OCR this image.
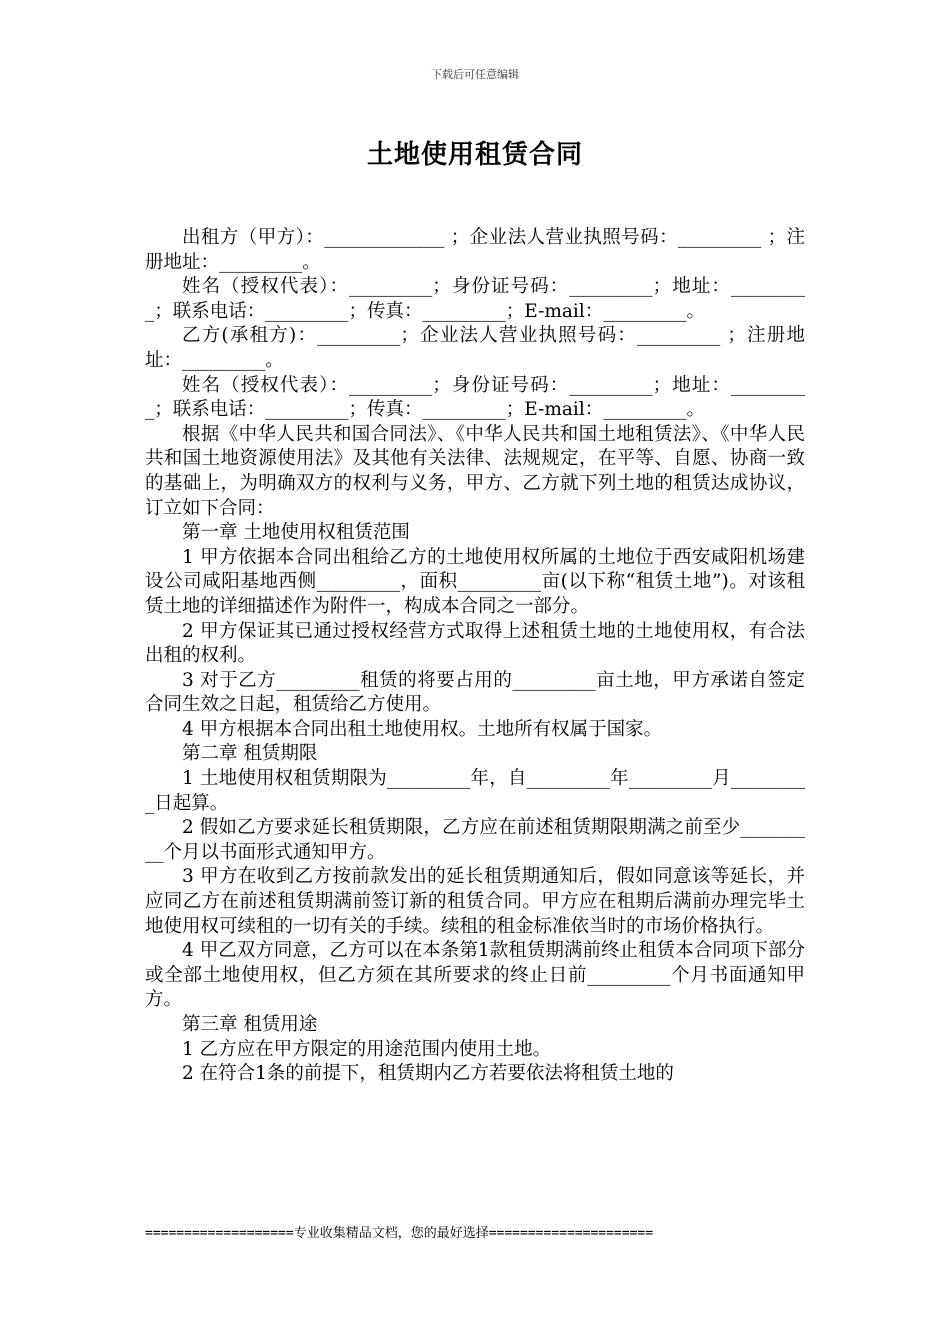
下载后可任意编辑
土地使用租赁合同

出租方（甲方）：_____________ ；企业法人营业执照号码：_________ ；注册地址：_________。

姓名（授权代表）：_________；身份证号码：_________；地址：_________；联系电话：_________；传真：_________；E-mail：_________。

乙方(承租方)：_________；企业法人营业执照号码：_________ ；注册地址：_________。

姓名（授权代表）：_________；身份证号码：_________；地址：_________；联系电话：_________；传真：_________；E-mail：_________。

根据《中华人民共和国合同法》、《中华人民共和国土地租赁法》、《中华人民共和国土地资源使用法》及其他有关法律、法规规定，在平等、自愿、协商一致的基础上，为明确双方的权利与义务，甲方、乙方就下列土地的租赁达成协议，订立如下合同：

第一章 土地使用权租赁范围

1 甲方依据本合同出租给乙方的土地使用权所属的土地位于西安咸阳机场建设公司咸阳基地西侧_________，面积_________亩(以下称“租赁土地”)。对该租赁土地的详细描述作为附件一，构成本合同之一部分。

2 甲方保证其已通过授权经营方式取得上述租赁土地的土地使用权，有合法出租的权利。

3 对于乙方_________租赁的将要占用的_________亩土地，甲方承诺自签定合同生效之日起，租赁给乙方使用。

4 甲方根据本合同出租土地使用权。土地所有权属于国家。

第二章 租赁期限

1 土地使用权租赁期限为_________年，自_________年_________月_________日起算。

2 假如乙方要求延长租赁期限，乙方应在前述租赁期限期满之前至少_________个月以书面形式通知甲方。

3 甲方在收到乙方按前款发出的延长租赁期通知后，假如同意该等延长，并应同乙方在前述租赁期满前签订新的租赁合同。甲方应在租期后满前办理完毕土地使用权可续租的一切有关的手续。续租的租金标准依当时的市场价格执行。

4 甲乙双方同意，乙方可以在本条第1款租赁期满前终止租赁本合同项下部分或全部土地使用权，但乙方须在其所要求的终止日前_________个月书面通知甲方。

第三章 租赁用途

1 乙方应在甲方限定的用途范围内使用土地。

2 在符合1条的前提下，租赁期内乙方若要依法将租赁土地的

===================专业收集精品文档，您的最好选择=====================
